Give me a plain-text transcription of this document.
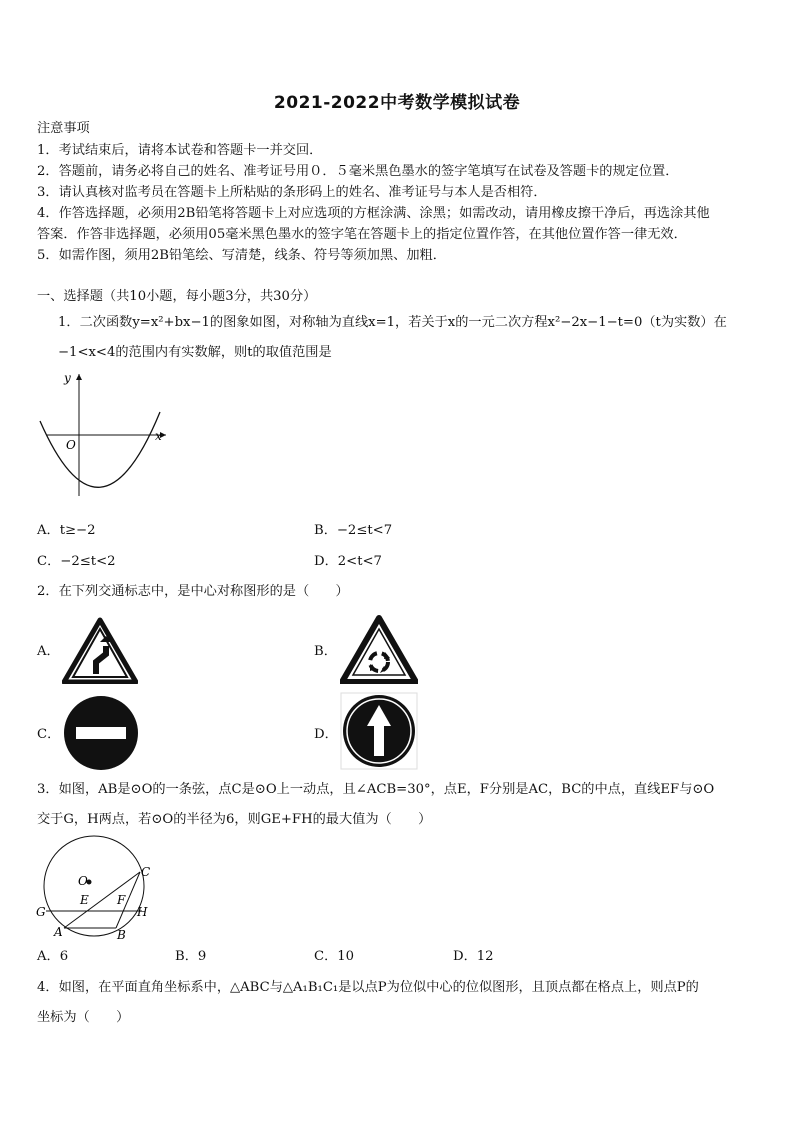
2021-2022中考数学模拟试卷
注意事项
1．考试结束后，请将本试卷和答题卡一并交回．
2．答题前，请务必将自己的姓名、准考证号用０．５毫米黑色墨水的签字笔填写在试卷及答题卡的规定位置．
3．请认真核对监考员在答题卡上所粘贴的条形码上的姓名、准考证号与本人是否相符．
4．作答选择题，必须用2B铅笔将答题卡上对应选项的方框涂满、涂黑；如需改动，请用橡皮擦干净后，再选涂其他
答案．作答非选择题，必须用05毫米黑色墨水的签字笔在答题卡上的指定位置作答，在其他位置作答一律无效．
5．如需作图，须用2B铅笔绘、写清楚，线条、符号等须加黑、加粗．
一、选择题（共10小题，每小题3分，共30分）
1．二次函数y=x²+bx−1的图象如图，对称轴为直线x=1，若关于x的一元二次方程x²−2x−1−t=0（t为实数）在
−1<x<4的范围内有实数解，则t的取值范围是
y
x
O
A．t≥−2	B．−2≤t<7
C．−2≤t<2	D．2<t<7
2．在下列交通标志中，是中心对称图形的是（　　）
A．	B．
C．	D．
3．如图，AB是⊙O的一条弦，点C是⊙O上一动点，且∠ACB=30°，点E，F分别是AC，BC的中点，直线EF与⊙O
交于G，H两点，若⊙O的半径为6，则GE+FH的最大值为（　　）
O
C
E F
G	H
A	B
A．6	B．9	C．10	D．12
4．如图，在平面直角坐标系中，△ABC与△A₁B₁C₁是以点P为位似中心的位似图形，且顶点都在格点上，则点P的
坐标为（　　）
